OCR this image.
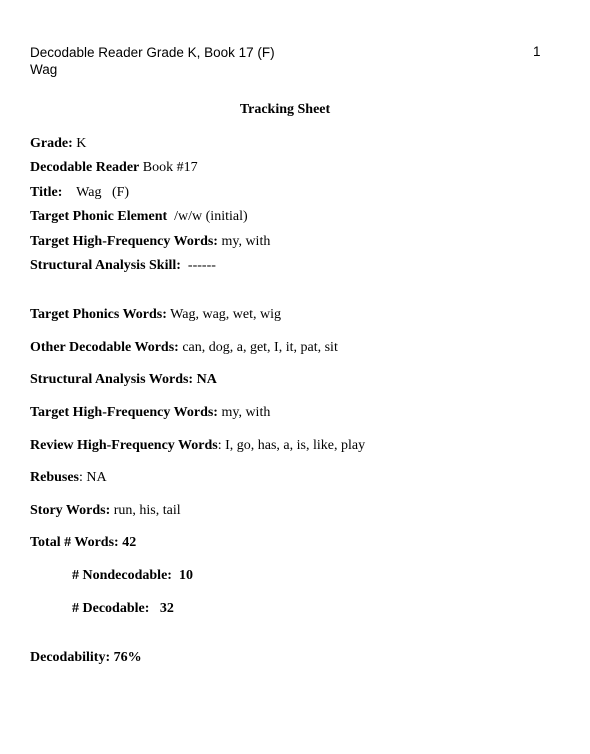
Decodable Reader Grade K, Book 17 (F)	1
Wag
Tracking Sheet
Grade: K
Decodable Reader Book #17
Title:    Wag   (F)
Target Phonic Element  /w/w (initial)
Target High-Frequency Words: my, with
Structural Analysis Skill:  ------
Target Phonics Words: Wag, wag, wet, wig
Other Decodable Words: can, dog, a, get, I, it, pat, sit
Structural Analysis Words: NA
Target High-Frequency Words: my, with
Review High-Frequency Words: I, go, has, a, is, like, play
Rebuses: NA
Story Words: run, his, tail
Total # Words: 42
# Nondecodable:  10
# Decodable:   32
Decodability: 76%
